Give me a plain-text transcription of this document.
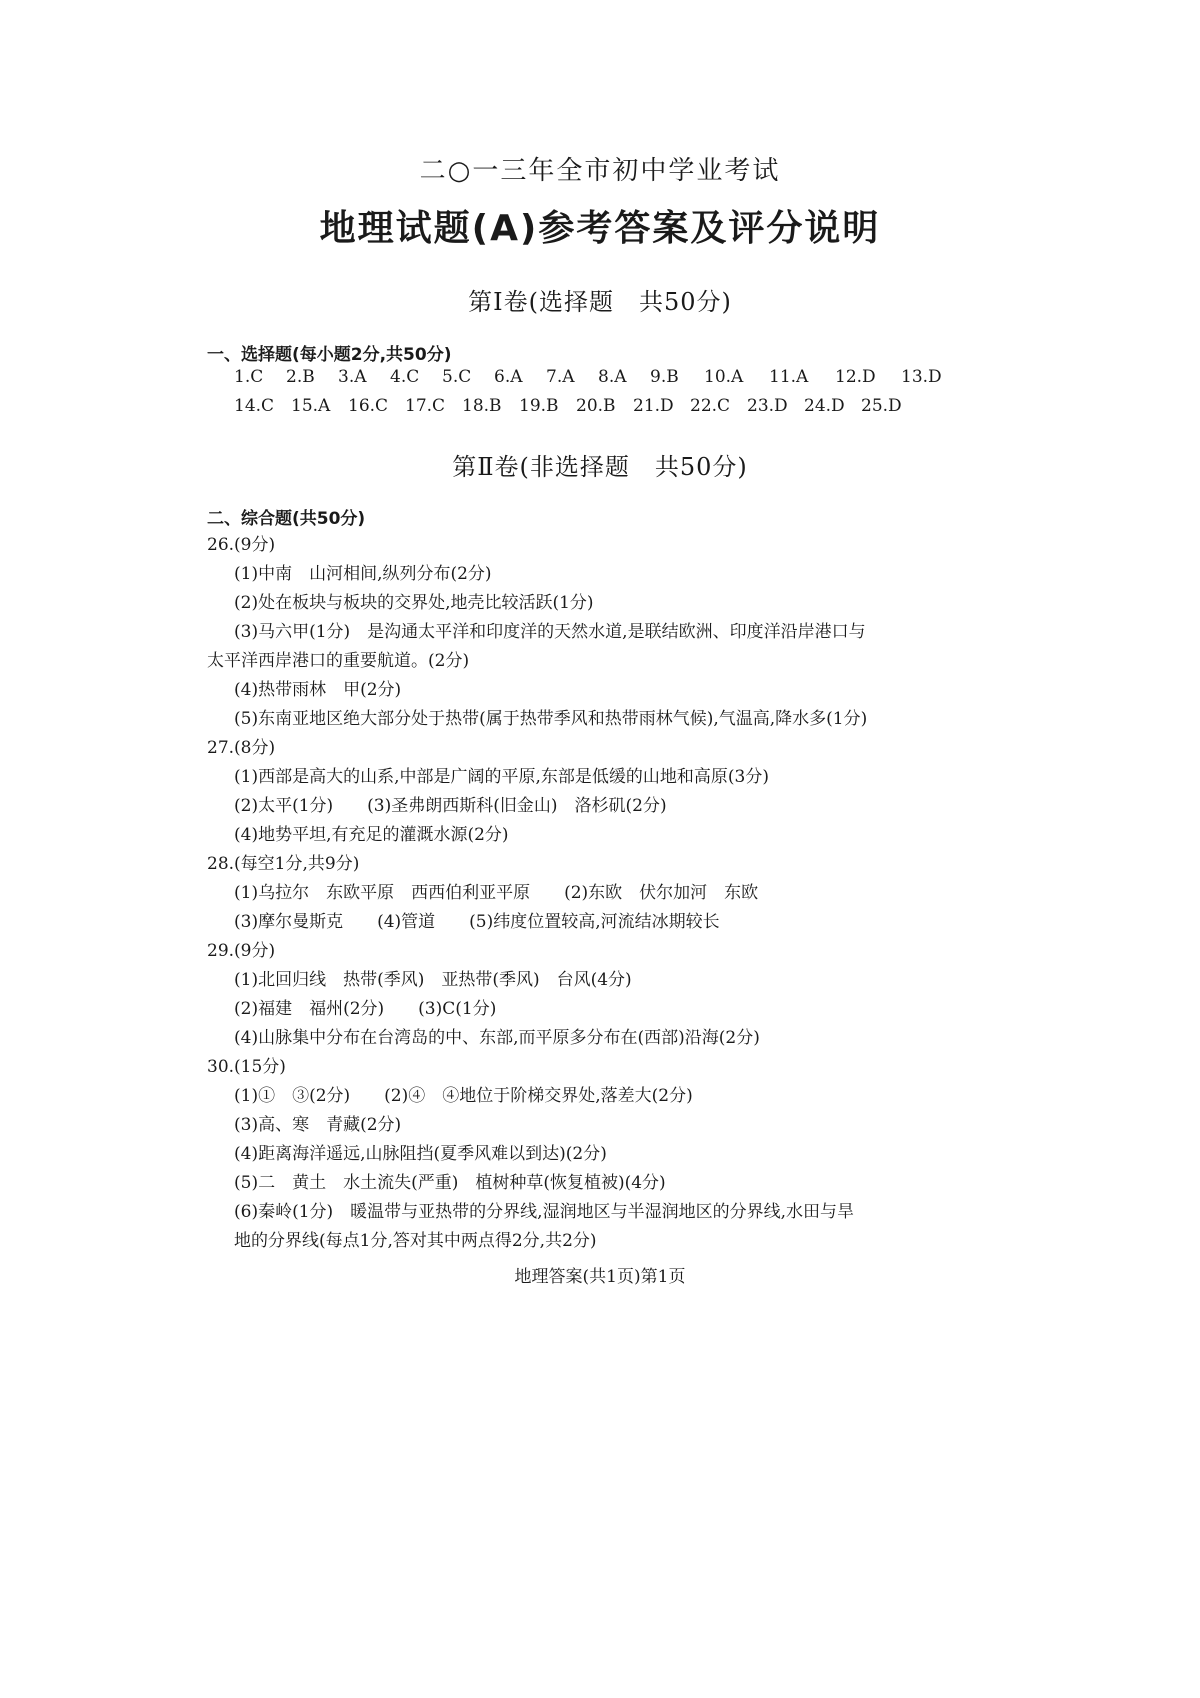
二○一三年全市初中学业考试
地理试题(A)参考答案及评分说明
第Ⅰ卷(选择题　共50分)
一、选择题(每小题2分,共50分)
1.C 2.B 3.A 4.C 5.C 6.A 7.A 8.A 9.B 10.A 11.A 12.D 13.D
14.C 15.A 16.C 17.C 18.B 19.B 20.B 21.D 22.C 23.D 24.D 25.D
第Ⅱ卷(非选择题　共50分)
二、综合题(共50分)
26.(9分)
(1)中南　山河相间,纵列分布(2分)
(2)处在板块与板块的交界处,地壳比较活跃(1分)
(3)马六甲(1分)　是沟通太平洋和印度洋的天然水道,是联结欧洲、印度洋沿岸港口与
太平洋西岸港口的重要航道。(2分)
(4)热带雨林　甲(2分)
(5)东南亚地区绝大部分处于热带(属于热带季风和热带雨林气候),气温高,降水多(1分)
27.(8分)
(1)西部是高大的山系,中部是广阔的平原,东部是低缓的山地和高原(3分)
(2)太平(1分)　　(3)圣弗朗西斯科(旧金山)　洛杉矶(2分)
(4)地势平坦,有充足的灌溉水源(2分)
28.(每空1分,共9分)
(1)乌拉尔　东欧平原　西西伯利亚平原　　(2)东欧　伏尔加河　东欧
(3)摩尔曼斯克　　(4)管道　　(5)纬度位置较高,河流结冰期较长
29.(9分)
(1)北回归线　热带(季风)　亚热带(季风)　台风(4分)
(2)福建　福州(2分)　　(3)C(1分)
(4)山脉集中分布在台湾岛的中、东部,而平原多分布在(西部)沿海(2分)
30.(15分)
(1)①　③(2分)　　(2)④　④地位于阶梯交界处,落差大(2分)
(3)高、寒　青藏(2分)
(4)距离海洋遥远,山脉阻挡(夏季风难以到达)(2分)
(5)二　黄土　水土流失(严重)　植树种草(恢复植被)(4分)
(6)秦岭(1分)　暖温带与亚热带的分界线,湿润地区与半湿润地区的分界线,水田与旱
地的分界线(每点1分,答对其中两点得2分,共2分)
地理答案(共1页)第1页
